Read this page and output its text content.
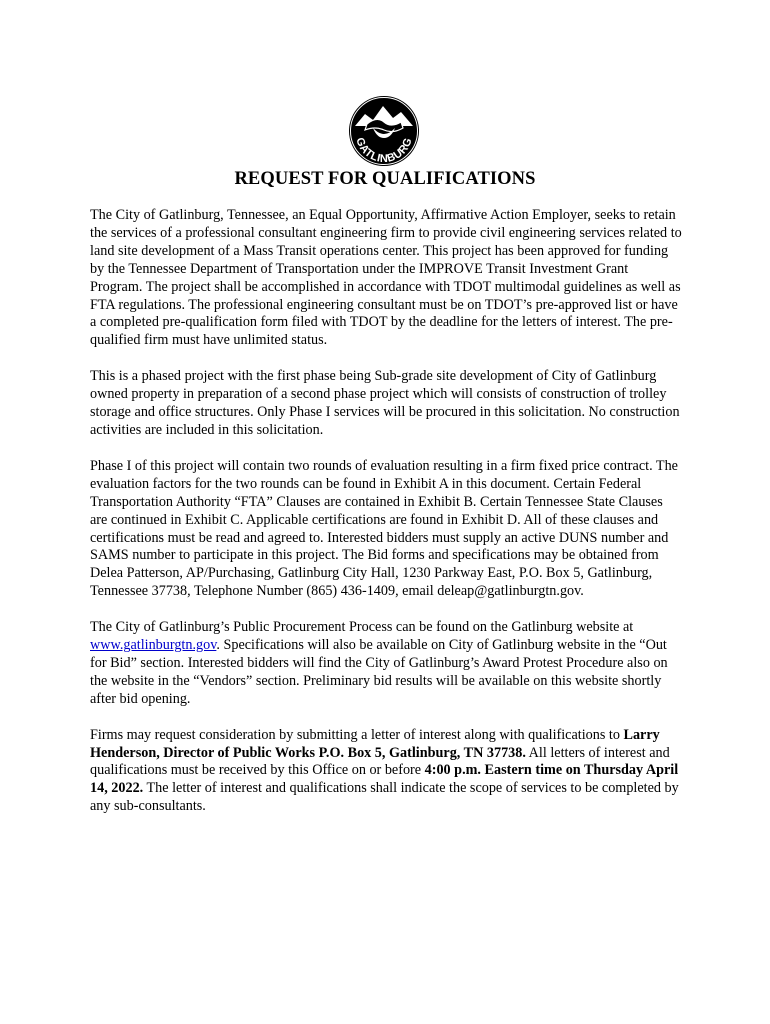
GATLINBURG
REQUEST FOR QUALIFICATIONS

The City of Gatlinburg, Tennessee, an Equal Opportunity, Affirmative Action Employer, seeks to retain the services of a professional consultant engineering firm to provide civil engineering services related to land site development of a Mass Transit operations center. This project has been approved for funding by the Tennessee Department of Transportation under the IMPROVE Transit Investment Grant Program. The project shall be accomplished in accordance with TDOT multimodal guidelines as well as FTA regulations. The professional engineering consultant must be on TDOT’s pre-approved list or have a completed pre-qualification form filed with TDOT by the deadline for the letters of interest. The pre-qualified firm must have unlimited status.

This is a phased project with the first phase being Sub-grade site development of City of Gatlinburg owned property in preparation of a second phase project which will consists of construction of trolley storage and office structures. Only Phase I services will be procured in this solicitation. No construction activities are included in this solicitation.

Phase I of this project will contain two rounds of evaluation resulting in a firm fixed price contract. The evaluation factors for the two rounds can be found in Exhibit A in this document. Certain Federal Transportation Authority “FTA” Clauses are contained in Exhibit B. Certain Tennessee State Clauses are continued in Exhibit C. Applicable certifications are found in Exhibit D. All of these clauses and certifications must be read and agreed to. Interested bidders must supply an active DUNS number and SAMS number to participate in this project. The Bid forms and specifications may be obtained from Delea Patterson, AP/Purchasing, Gatlinburg City Hall, 1230 Parkway East, P.O. Box 5, Gatlinburg, Tennessee 37738, Telephone Number (865) 436-1409, email deleap@gatlinburgtn.gov.

The City of Gatlinburg’s Public Procurement Process can be found on the Gatlinburg website at www.gatlinburgtn.gov. Specifications will also be available on City of Gatlinburg website in the “Out for Bid” section. Interested bidders will find the City of Gatlinburg’s Award Protest Procedure also on the website in the “Vendors” section. Preliminary bid results will be available on this website shortly after bid opening.

Firms may request consideration by submitting a letter of interest along with qualifications to Larry Henderson, Director of Public Works P.O. Box 5, Gatlinburg, TN 37738. All letters of interest and qualifications must be received by this Office on or before 4:00 p.m. Eastern time on Thursday April 14, 2022. The letter of interest and qualifications shall indicate the scope of services to be completed by any sub-consultants.
